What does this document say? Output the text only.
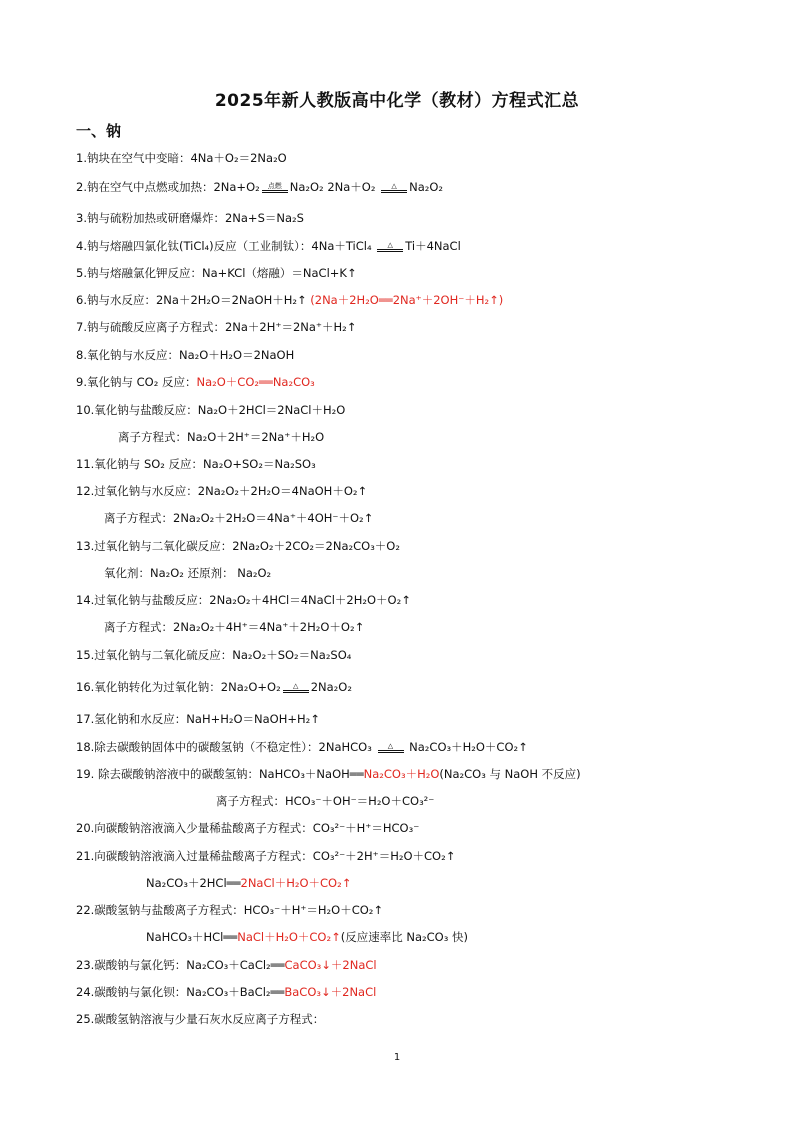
2025年新人教版高中化学（教材）方程式汇总
一、钠
1.钠块在空气中变暗：4Na＋O₂＝2Na₂O
2.钠在空气中点燃或加热：2Na+O₂	点燃 Na₂O₂ 2Na＋O₂	△	Na₂O₂
3.钠与硫粉加热或研磨爆炸：2Na+S＝Na₂S
4.钠与熔融四氯化钛(TiCl₄)反应（工业制钛）：4Na＋TiCl₄	△	Ti＋4NaCl
5.钠与熔融氯化钾反应：Na+KCl（熔融）＝NaCl+K↑
6.钠与水反应：2Na＋2H₂O＝2NaOH＋H₂↑ (2Na＋2H₂O══2Na⁺＋2OH⁻＋H₂↑)
7.钠与硫酸反应离子方程式：2Na＋2H⁺＝2Na⁺＋H₂↑
8.氧化钠与水反应：Na₂O＋H₂O＝2NaOH
9.氧化钠与 CO₂ 反应：Na₂O＋CO₂══Na₂CO₃
10.氧化钠与盐酸反应：Na₂O＋2HCl＝2NaCl＋H₂O
离子方程式：Na₂O＋2H⁺＝2Na⁺＋H₂O
11.氧化钠与 SO₂ 反应：Na₂O+SO₂＝Na₂SO₃
12.过氧化钠与水反应：2Na₂O₂＋2H₂O＝4NaOH＋O₂↑
离子方程式：2Na₂O₂＋2H₂O＝4Na⁺＋4OH⁻＋O₂↑
13.过氧化钠与二氧化碳反应：2Na₂O₂＋2CO₂＝2Na₂CO₃＋O₂
氧化剂：Na₂O₂ 还原剂： Na₂O₂
14.过氧化钠与盐酸反应：2Na₂O₂＋4HCl＝4NaCl＋2H₂O＋O₂↑
离子方程式：2Na₂O₂＋4H⁺＝4Na⁺＋2H₂O＋O₂↑
15.过氧化钠与二氧化硫反应：Na₂O₂＋SO₂＝Na₂SO₄
16.氧化钠转化为过氧化钠：2Na₂O+O₂	△	2Na₂O₂
17.氢化钠和水反应：NaH+H₂O＝NaOH+H₂↑
18.除去碳酸钠固体中的碳酸氢钠（不稳定性）：2NaHCO₃	△	Na₂CO₃＋H₂O＋CO₂↑
19. 除去碳酸钠溶液中的碳酸氢钠：NaHCO₃＋NaOH══Na₂CO₃＋H₂O(Na₂CO₃ 与 NaOH 不反应)
离子方程式：HCO₃⁻＋OH⁻＝H₂O＋CO₃²⁻
20.向碳酸钠溶液滴入少量稀盐酸离子方程式：CO₃²⁻＋H⁺＝HCO₃⁻
21.向碳酸钠溶液滴入过量稀盐酸离子方程式：CO₃²⁻＋2H⁺＝H₂O＋CO₂↑
Na₂CO₃＋2HCl══2NaCl＋H₂O＋CO₂↑
22.碳酸氢钠与盐酸离子方程式：HCO₃⁻＋H⁺＝H₂O＋CO₂↑
NaHCO₃＋HCl══NaCl＋H₂O＋CO₂↑(反应速率比 Na₂CO₃ 快)
23.碳酸钠与氯化钙：Na₂CO₃＋CaCl₂══CaCO₃↓＋2NaCl
24.碳酸钠与氯化钡：Na₂CO₃＋BaCl₂══BaCO₃↓＋2NaCl
25.碳酸氢钠溶液与少量石灰水反应离子方程式：
1
